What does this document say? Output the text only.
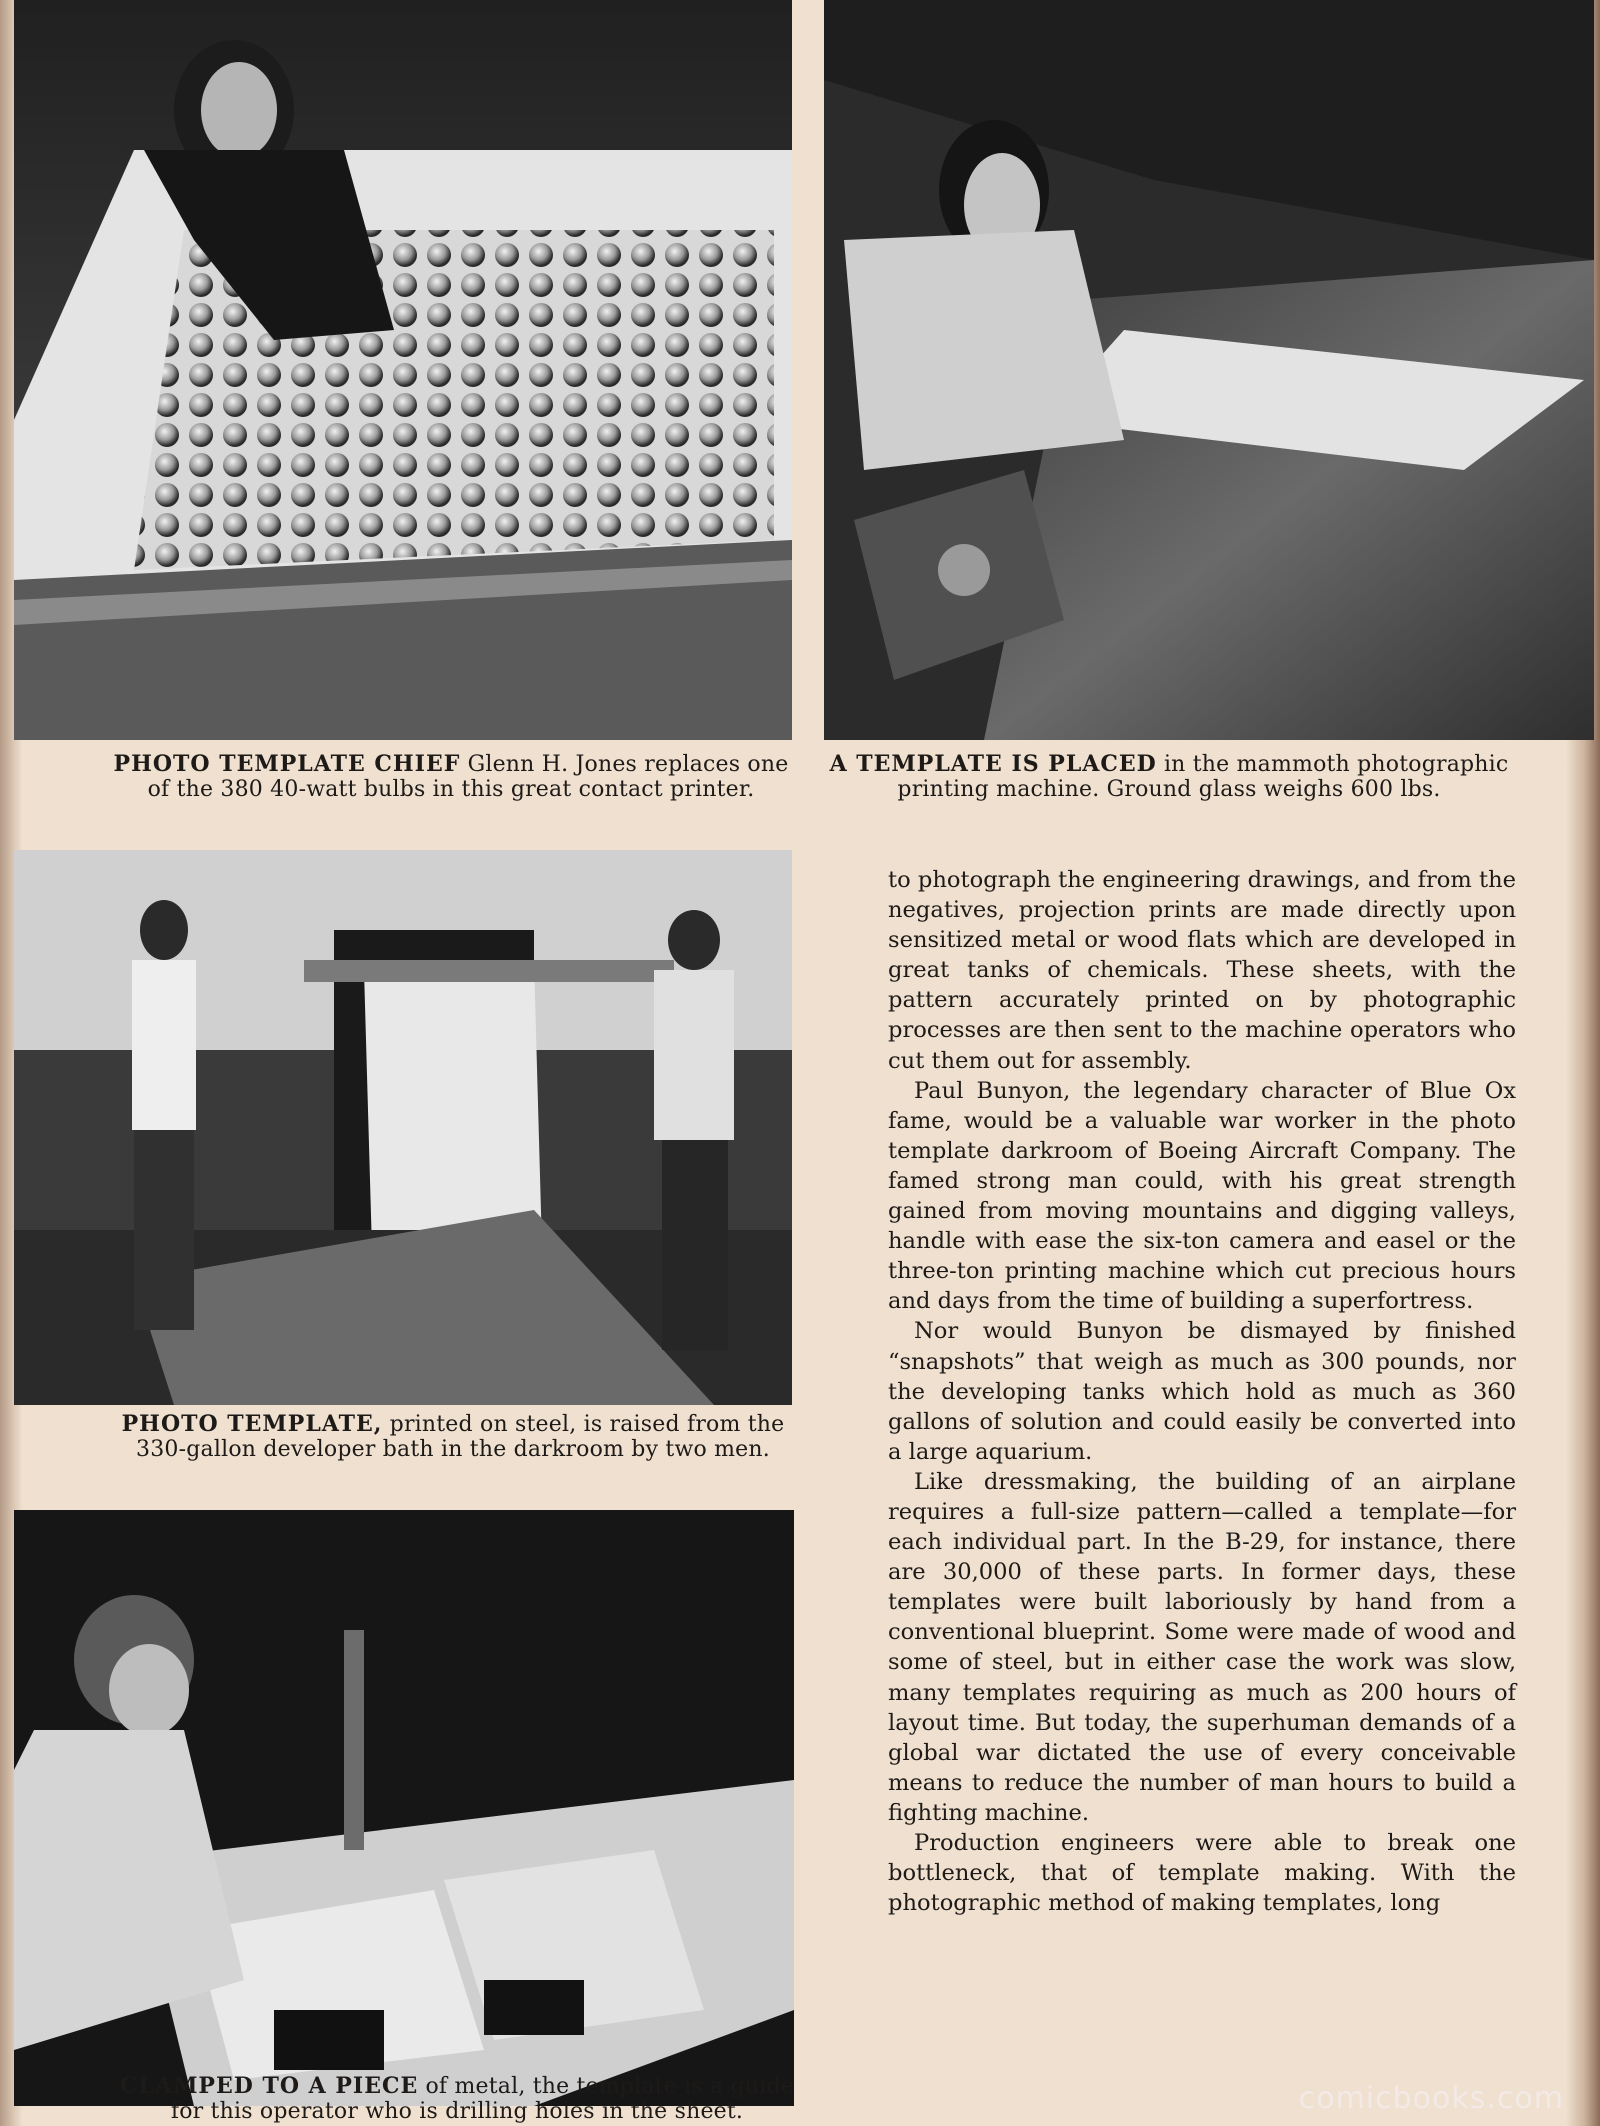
PHOTO TEMPLATE CHIEF Glenn H. Jones replaces one of the 380 40-watt bulbs in this great contact printer.
A TEMPLATE IS PLACED in the mammoth photographic printing machine. Ground glass weighs 600 lbs.
PHOTO TEMPLATE, printed on steel, is raised from the 330-gallon developer bath in the darkroom by two men.
CLAMPED TO A PIECE of metal, the template is a guide for this operator who is drilling holes in the sheet.

to photograph the engineering drawings, and from the negatives, projection prints are made directly upon sensitized metal or wood flats which are developed in great tanks of chemicals. These sheets, with the pattern accurately printed on by photographic processes are then sent to the machine operators who cut them out for assembly.

Paul Bunyon, the legendary character of Blue Ox fame, would be a valuable war worker in the photo template darkroom of Boeing Aircraft Company. The famed strong man could, with his great strength gained from moving mountains and digging valleys, handle with ease the six-ton camera and easel or the three-ton printing machine which cut precious hours and days from the time of building a superfortress.

Nor would Bunyon be dismayed by finished “snapshots” that weigh as much as 300 pounds, nor the developing tanks which hold as much as 360 gallons of solution and could easily be converted into a large aquarium.

Like dressmaking, the building of an airplane requires a full-size pattern—called a template—for each individual part. In the B-29, for instance, there are 30,000 of these parts. In former days, these templates were built laboriously by hand from a conventional blueprint. Some were made of wood and some of steel, but in either case the work was slow, many templates requiring as much as 200 hours of layout time. But today, the superhuman demands of a global war dictated the use of every conceivable means to reduce the number of man hours to build a fighting machine.

Production engineers were able to break one bottleneck, that of template making. With the photographic method of making templates, long

comicbooks.com
